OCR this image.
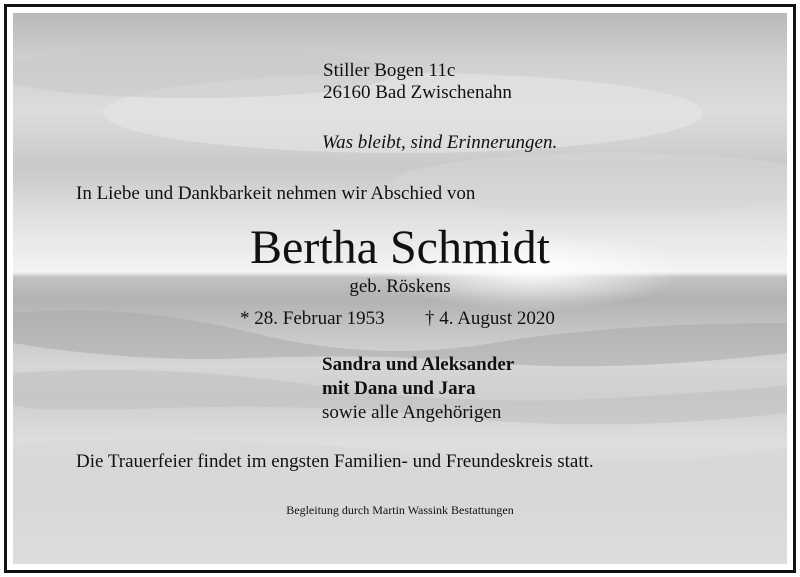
Stiller Bogen 11c

26160 Bad Zwischenahn

Was bleibt, sind Erinnerungen.

In Liebe und Dankbarkeit nehmen wir Abschied von

Bertha Schmidt

geb. Röskens

* 28. Februar 1953 † 4. August 2020

Sandra und Aleksander

mit Dana und Jara

sowie alle Angehörigen

Die Trauerfeier findet im engsten Familien- und Freundeskreis statt.

Begleitung durch Martin Wassink Bestattungen
